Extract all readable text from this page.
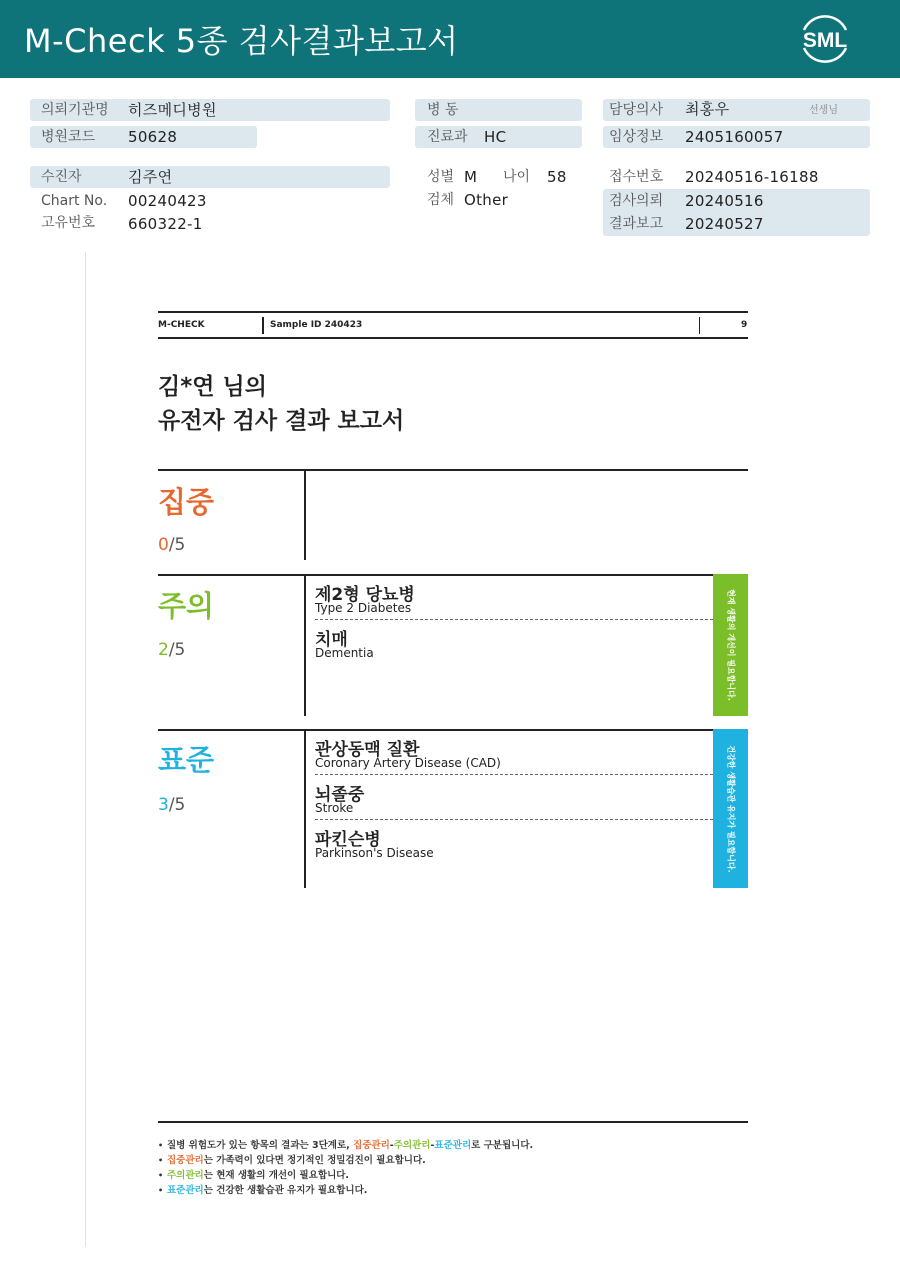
M-Check 5종 검사결과보고서	SML
의뢰기관명 히즈메디병원
병원코드 50628
수진자	김주연
Chart No. 00240423
고유번호 660322-1
병 동
진료과 HC
성별 M 나이 58
검체 Other
담당의사 최홍우	선생님
임상정보 2405160057
접수번호 20240516-16188
검사의뢰 20240516
결과보고 20240527
M-CHECK	Sample ID 240423	9
김*연 님의
유전자 검사 결과 보고서
집중
0/5
주의
2/5
제2형 당뇨병
Type 2 Diabetes
치매
Dementia	현재 생활의 개선이 필요합니다.
표준
3/5
관상동맥 질환
Coronary Artery Disease (CAD)
뇌졸중
Stroke
파킨슨병
Parkinson's Disease	건강한 생활습관 유지가 필요합니다.
• 질병 위험도가 있는 항목의 결과는 3단계로, 집중관리-주의관리-표준관리로 구분됩니다.
• 집중관리는 가족력이 있다면 정기적인 정밀검진이 필요합니다.
• 주의관리는 현재 생활의 개선이 필요합니다.
• 표준관리는 건강한 생활습관 유지가 필요합니다.
